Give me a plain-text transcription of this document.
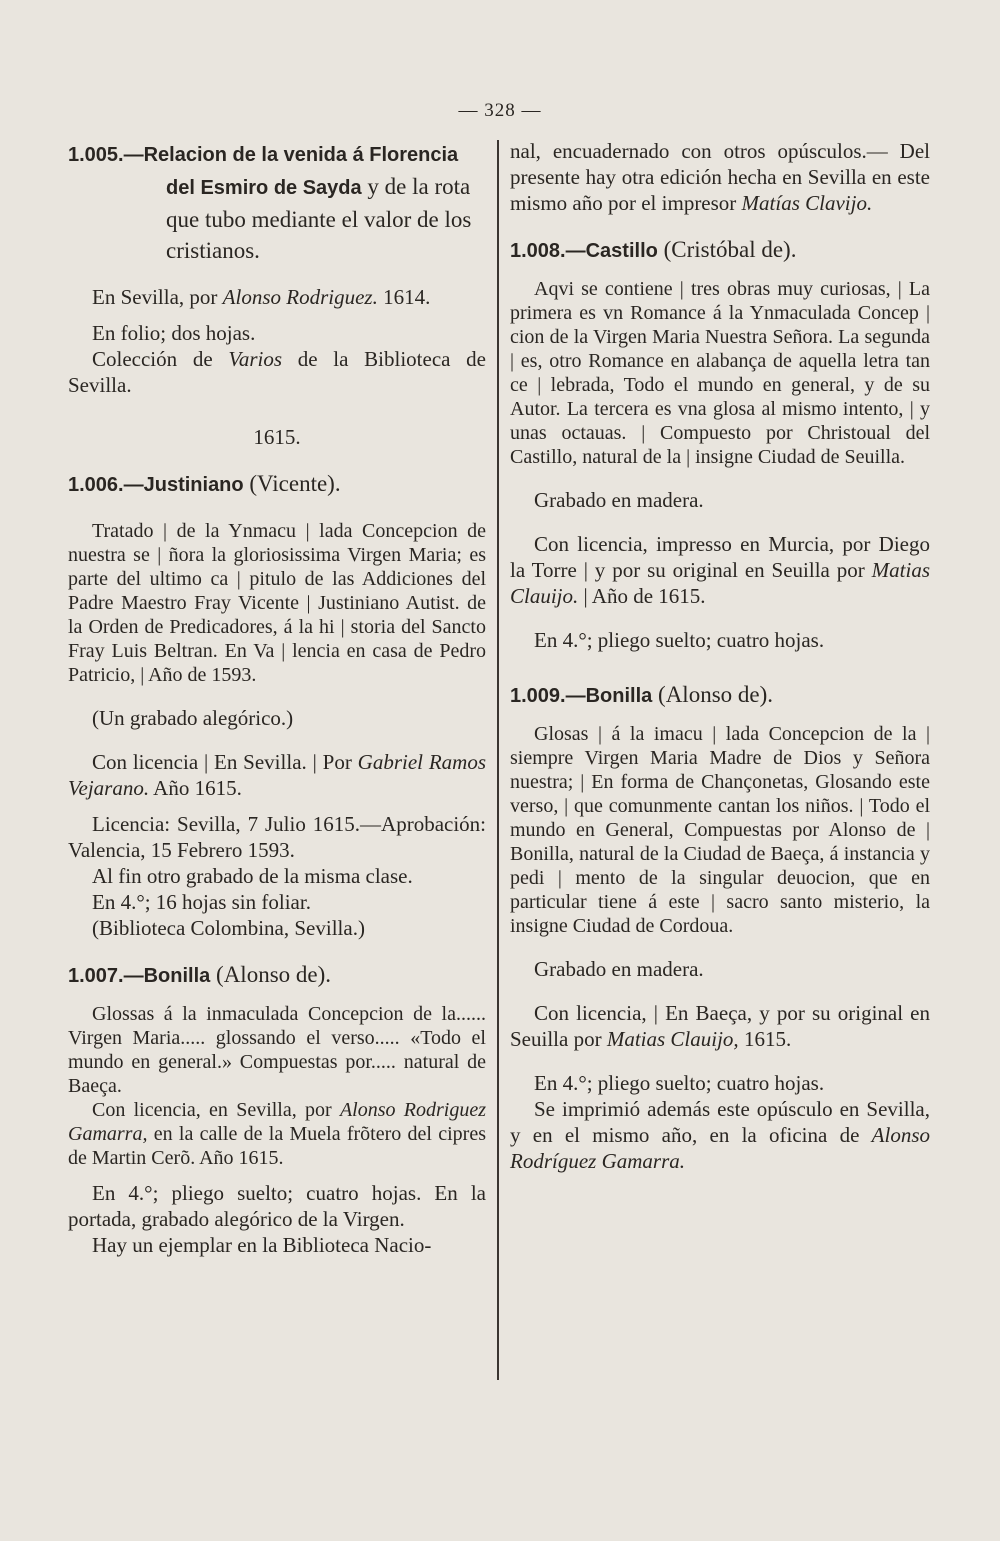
— 328 —

1.005.—Relacion de la venida á Florencia del Esmiro de Sayda y de la rota que tubo mediante el valor de los cristianos.

En Sevilla, por Alonso Rodriguez. 1614.

En folio; dos hojas.

Colección de Varios de la Biblioteca de Sevilla.

1615.

1.006.—Justiniano (Vicente).

Tratado | de la Ynmacu | lada Concepcion de nuestra se | ñora la gloriosissima Virgen Maria; es parte del ultimo ca | pitulo de las Addiciones del Padre Maestro Fray Vicente | Justiniano Autist. de la Orden de Predicadores, á la hi | storia del Sancto Fray Luis Beltran. En Va | lencia en casa de Pedro Patricio, | Año de 1593.

(Un grabado alegórico.)

Con licencia | En Sevilla. | Por Gabriel Ramos Vejarano. Año 1615.

Licencia: Sevilla, 7 Julio 1615.—Aprobación: Valencia, 15 Febrero 1593.

Al fin otro grabado de la misma clase.

En 4.°; 16 hojas sin foliar.

(Biblioteca Colombina, Sevilla.)

1.007.—Bonilla (Alonso de).

Glossas á la inmaculada Concepcion de la...... Virgen Maria..... glossando el verso..... «Todo el mundo en general.» Compuestas por..... natural de Baeça.

Con licencia, en Sevilla, por Alonso Rodriguez Gamarra, en la calle de la Muela frõtero del cipres de Martin Cerõ. Año 1615.

En 4.°; pliego suelto; cuatro hojas. En la portada, grabado alegórico de la Virgen.

Hay un ejemplar en la Biblioteca Nacio-

nal, encuadernado con otros opúsculos.— Del presente hay otra edición hecha en Sevilla en este mismo año por el impresor Matías Clavijo.

1.008.—Castillo (Cristóbal de).

Aqvi se contiene | tres obras muy curiosas, | La primera es vn Romance á la Ynmaculada Concep | cion de la Virgen Maria Nuestra Señora. La segunda | es, otro Romance en alabança de aquella letra tan ce | lebrada, Todo el mundo en general, y de su Autor. La tercera es vna glosa al mismo intento, | y unas octauas. | Compuesto por Christoual del Castillo, natural de la | insigne Ciudad de Seuilla.

Grabado en madera.

Con licencia, impresso en Murcia, por Diego la Torre | y por su original en Seuilla por Matias Clauijo. | Año de 1615.

En 4.°; pliego suelto; cuatro hojas.

1.009.—Bonilla (Alonso de).

Glosas | á la imacu | lada Concepcion de la | siempre Virgen Maria Madre de Dios y Señora nuestra; | En forma de Chançonetas, Glosando este verso, | que comunmente cantan los niños. | Todo el mundo en General, Compuestas por Alonso de | Bonilla, natural de la Ciudad de Baeça, á instancia y pedi | mento de la singular deuocion, que en particular tiene á este | sacro santo misterio, la insigne Ciudad de Cordoua.

Grabado en madera.

Con licencia, | En Baeça, y por su original en Seuilla por Matias Clauijo, 1615.

En 4.°; pliego suelto; cuatro hojas.

Se imprimió además este opúsculo en Sevilla, y en el mismo año, en la oficina de Alonso Rodríguez Gamarra.
